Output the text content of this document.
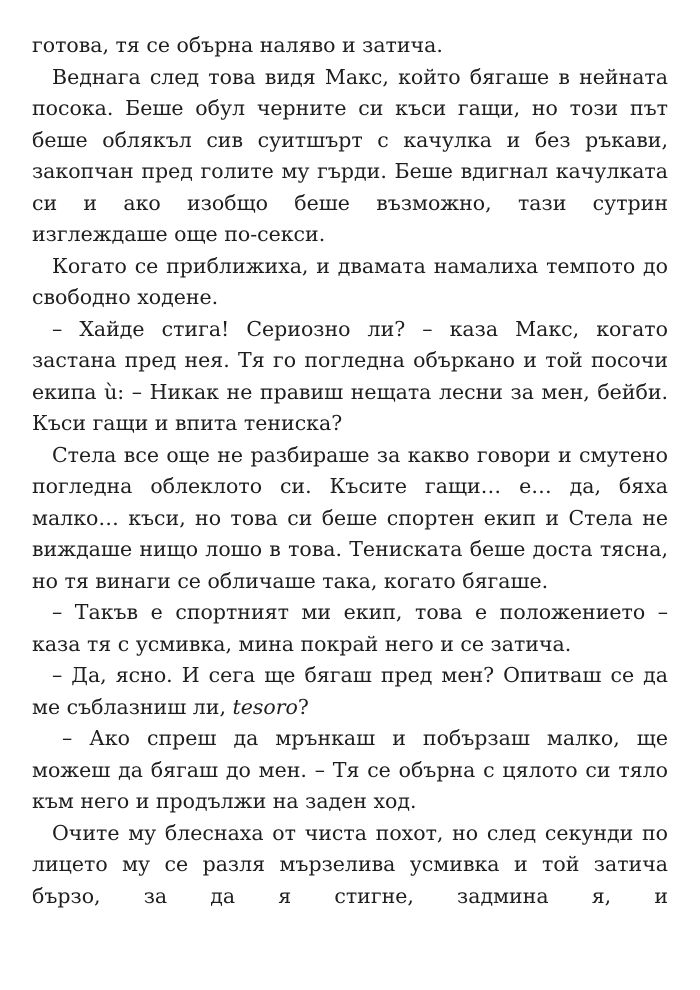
готова, тя се обърна наляво и затича.

Веднага след това видя Макс, който бягаше в нейната посока. Беше обул черните си къси гащи, но този път беше облякъл сив суитшърт с качулка и без ръкави, закопчан пред голите му гърди. Беше вдигнал качулката си и ако изобщо беше възможно, тази сутрин изглеждаше още по-секси.

Когато се приближиха, и двамата намалиха темпото до свободно ходене.

– Хайде стига! Сериозно ли? – каза Макс, когато застана пред нея. Тя го погледна объркано и той посочи екипа ù: – Никак не правиш нещата лесни за мен, бейби. Къси гащи и впита тениска?

Стела все още не разбираше за какво говори и смутено погледна облеклото си. Късите гащи… е… да, бяха малко… къси, но това си беше спортен екип и Стела не виждаше нищо лошо в това. Тениската беше доста тясна, но тя винаги се обличаше така, когато бягаше.

– Такъв е спортният ми екип, това е положението – каза тя с усмивка, мина покрай него и се затича.

– Да, ясно. И сега ще бягаш пред мен? Опитваш се да ме съблазниш ли, tesoro?

– Ако спреш да мрънкаш и побързаш малко, ще можеш да бягаш до мен. – Тя се обърна с цялото си тяло към него и продължи на заден ход.

Очите му блеснаха от чиста похот, но след секунди по лицето му се разля мързелива усмивка и той затича бързо, за да я стигне, задмина я, и
